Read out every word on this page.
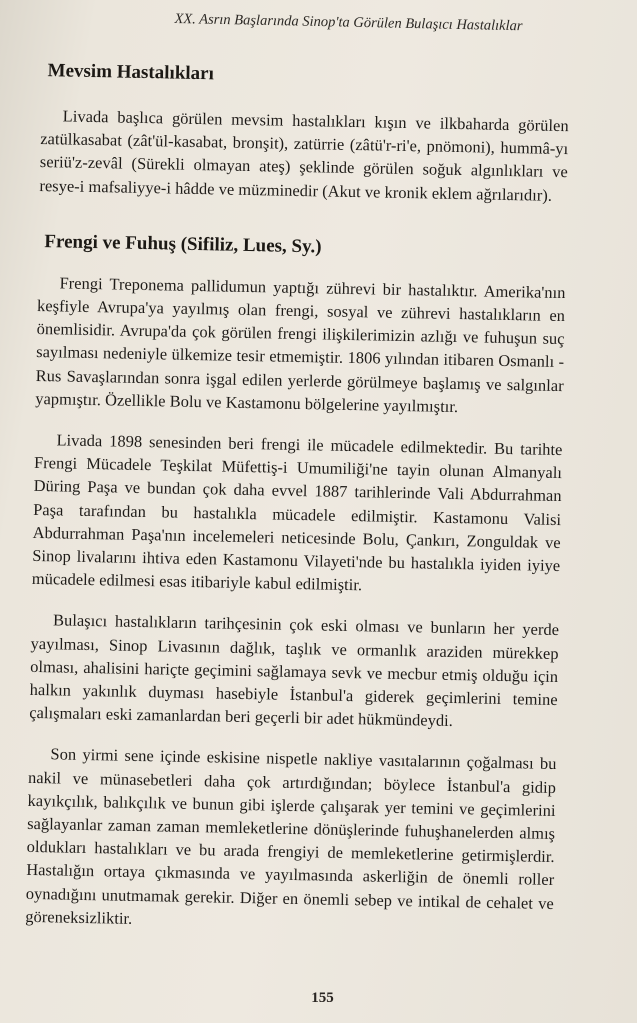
XX. Asrın Başlarında Sinop'ta Görülen Bulaşıcı Hastalıklar
Mevsim Hastalıkları

Livada başlıca görülen mevsim hastalıkları kışın ve ilkbaharda görülen zatülkasabat (zât'ül-kasabat, bronşit), zatürrie (zâtü'r-ri'e, pnömoni), hummâ-yı seriü'z-zevâl (Sürekli olmayan ateş) şeklinde görülen soğuk algınlıkları ve resye-i mafsaliyye-i hâdde ve müzminedir (Akut ve kronik eklem ağrılarıdır).

Frengi ve Fuhuş (Sifiliz, Lues, Sy.)

Frengi Treponema pallidumun yaptığı zührevi bir hastalıktır. Amerika'nın keşfiyle Avrupa'ya yayılmış olan frengi, sosyal ve zührevi hastalıkların en önemlisidir. Avrupa'da çok görülen frengi ilişkilerimizin azlığı ve fuhuşun suç sayılması nedeniyle ülkemize tesir etmemiştir. 1806 yılından itibaren Osmanlı - Rus Savaşlarından sonra işgal edilen yerlerde görülmeye başlamış ve salgınlar yapmıştır. Özellikle Bolu ve Kastamonu bölgelerine yayılmıştır.

Livada 1898 senesinden beri frengi ile mücadele edilmektedir. Bu tarihte Frengi Mücadele Teşkilat Müfettiş-i Umumiliği'ne tayin olunan Almanyalı Düring Paşa ve bundan çok daha evvel 1887 tarihlerinde Vali Abdurrahman Paşa tarafından bu hastalıkla mücadele edilmiştir. Kastamonu Valisi Abdurrahman Paşa'nın incelemeleri neticesinde Bolu, Çankırı, Zonguldak ve Sinop livalarını ihtiva eden Kastamonu Vilayeti'nde bu hastalıkla iyiden iyiye mücadele edilmesi esas itibariyle kabul edilmiştir.

Bulaşıcı hastalıkların tarihçesinin çok eski olması ve bunların her yerde yayılması, Sinop Livasının dağlık, taşlık ve ormanlık araziden mürekkep olması, ahalisini hariçte geçimini sağlamaya sevk ve mecbur etmiş olduğu için halkın yakınlık duyması hasebiyle İstanbul'a giderek geçimlerini temine çalışmaları eski zamanlardan beri geçerli bir adet hükmündeydi.

Son yirmi sene içinde eskisine nispetle nakliye vasıtalarının çoğalması bu nakil ve münasebetleri daha çok artırdığından; böylece İstanbul'a gidip kayıkçılık, balıkçılık ve bunun gibi işlerde çalışarak yer temini ve geçimlerini sağlayanlar zaman zaman memleketlerine dönüşlerinde fuhuşhanelerden almış oldukları hastalıkları ve bu arada frengiyi de memleketlerine getirmişlerdir. Hastalığın ortaya çıkmasında ve yayılmasında askerliğin de önemli roller oynadığını unutmamak gerekir. Diğer en önemli sebep ve intikal de cehalet ve göreneksizliktir.

155
